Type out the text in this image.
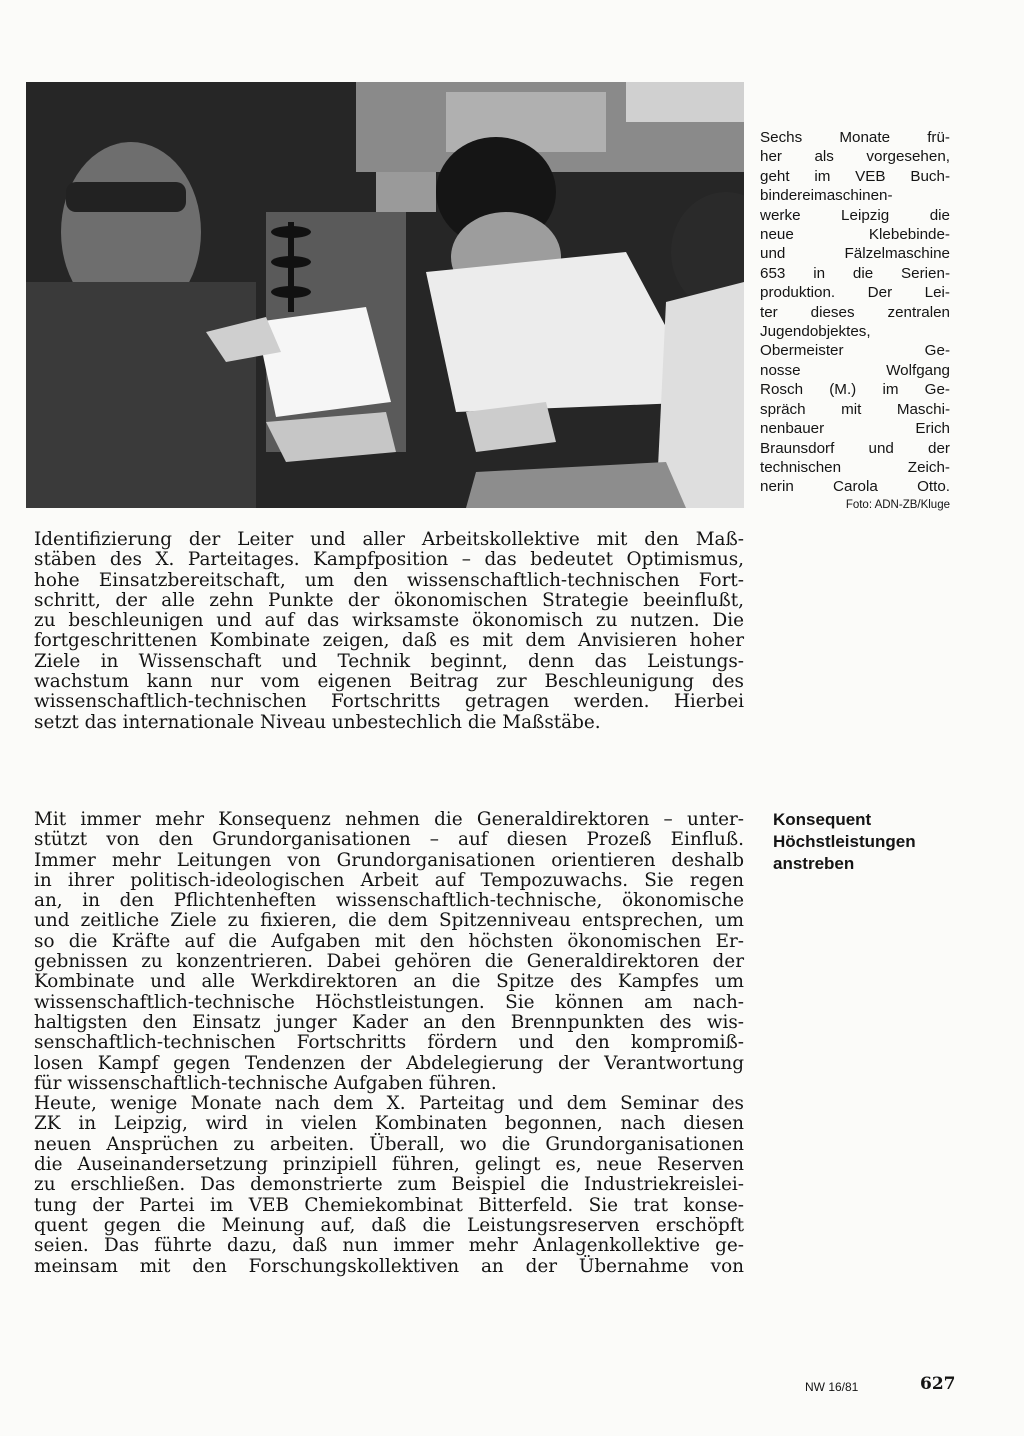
Sechs Monate frü-
her als vorgesehen,
geht im VEB Buch-
bindereimaschinen-
werke Leipzig die
neue Klebebinde-
und Fälzelmaschine
653 in die Serien-
produktion. Der Lei-
ter dieses zentralen
Jugendobjektes,
Obermeister Ge-
nosse Wolfgang
Rosch (M.) im Ge-
spräch mit Maschi-
nenbauer Erich
Braunsdorf und der
technischen Zeich-
nerin Carola Otto.
Foto: ADN-ZB/Kluge
Identifizierung der Leiter und aller Arbeitskollektive mit den Maß-
stäben des X. Parteitages. Kampfposition – das bedeutet Optimismus,
hohe Einsatzbereitschaft, um den wissenschaftlich-technischen Fort-
schritt, der alle zehn Punkte der ökonomischen Strategie beeinflußt,
zu beschleunigen und auf das wirksamste ökonomisch zu nutzen. Die
fortgeschrittenen Kombinate zeigen, daß es mit dem Anvisieren hoher
Ziele in Wissenschaft und Technik beginnt, denn das Leistungs-
wachstum kann nur vom eigenen Beitrag zur Beschleunigung des
wissenschaftlich-technischen Fortschritts getragen werden. Hierbei
setzt das internationale Niveau unbestechlich die Maßstäbe.
Konsequent
Höchstleistungen
anstreben
Mit immer mehr Konsequenz nehmen die Generaldirektoren – unter-
stützt von den Grundorganisationen – auf diesen Prozeß Einfluß.
Immer mehr Leitungen von Grundorganisationen orientieren deshalb
in ihrer politisch-ideologischen Arbeit auf Tempozuwachs. Sie regen
an, in den Pflichtenheften wissenschaftlich-technische, ökonomische
und zeitliche Ziele zu fixieren, die dem Spitzenniveau entsprechen, um
so die Kräfte auf die Aufgaben mit den höchsten ökonomischen Er-
gebnissen zu konzentrieren. Dabei gehören die Generaldirektoren der
Kombinate und alle Werkdirektoren an die Spitze des Kampfes um
wissenschaftlich-technische Höchstleistungen. Sie können am nach-
haltigsten den Einsatz junger Kader an den Brennpunkten des wis-
senschaftlich-technischen Fortschritts fördern und den kompromiß-
losen Kampf gegen Tendenzen der Abdelegierung der Verantwortung
für wissenschaftlich-technische Aufgaben führen.
Heute, wenige Monate nach dem X. Parteitag und dem Seminar des
ZK in Leipzig, wird in vielen Kombinaten begonnen, nach diesen
neuen Ansprüchen zu arbeiten. Überall, wo die Grundorganisationen
die Auseinandersetzung prinzipiell führen, gelingt es, neue Reserven
zu erschließen. Das demonstrierte zum Beispiel die Industriekreislei-
tung der Partei im VEB Chemiekombinat Bitterfeld. Sie trat konse-
quent gegen die Meinung auf, daß die Leistungsreserven erschöpft
seien. Das führte dazu, daß nun immer mehr Anlagenkollektive ge-
meinsam mit den Forschungskollektiven an der Übernahme von
NW 16/81	627
